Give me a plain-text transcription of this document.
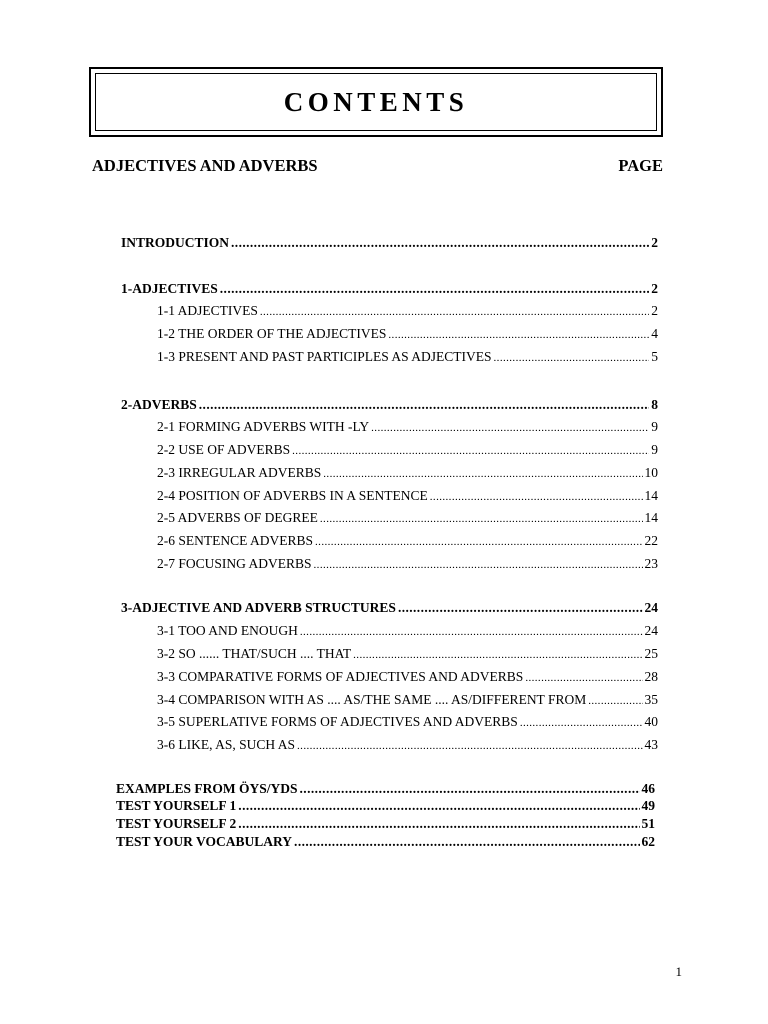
CONTENTS
ADJECTIVES AND ADVERBS	PAGE
INTRODUCTION .....	2
1-ADJECTIVES .....	2
1-1 ADJECTIVES .....	2
1-2 THE ORDER OF THE ADJECTIVES .....	4
1-3 PRESENT AND PAST PARTICIPLES AS ADJECTIVES .....	5
2-ADVERBS .....	8
2-1 FORMING ADVERBS WITH -LY .....	9
2-2 USE OF ADVERBS .....	9
2-3 IRREGULAR ADVERBS .....	10
2-4 POSITION OF ADVERBS IN A SENTENCE .....	14
2-5 ADVERBS OF DEGREE .....	14
2-6 SENTENCE ADVERBS .....	22
2-7 FOCUSING ADVERBS .....	23
3-ADJECTIVE AND ADVERB STRUCTURES .....	24
3-1 TOO AND ENOUGH .....	24
3-2 SO ...... THAT/SUCH .... THAT .....	25
3-3 COMPARATIVE FORMS OF ADJECTIVES AND ADVERBS .....	28
3-4 COMPARISON WITH AS .... AS/THE SAME .... AS/DIFFERENT FROM .....	35
3-5 SUPERLATIVE FORMS OF ADJECTIVES AND ADVERBS .....	40
3-6 LIKE, AS, SUCH AS .....	43
EXAMPLES FROM ÖYS/YDS .....	46
TEST YOURSELF 1 .....	49
TEST YOURSELF 2 .....	51
TEST YOUR VOCABULARY .....	62
1
